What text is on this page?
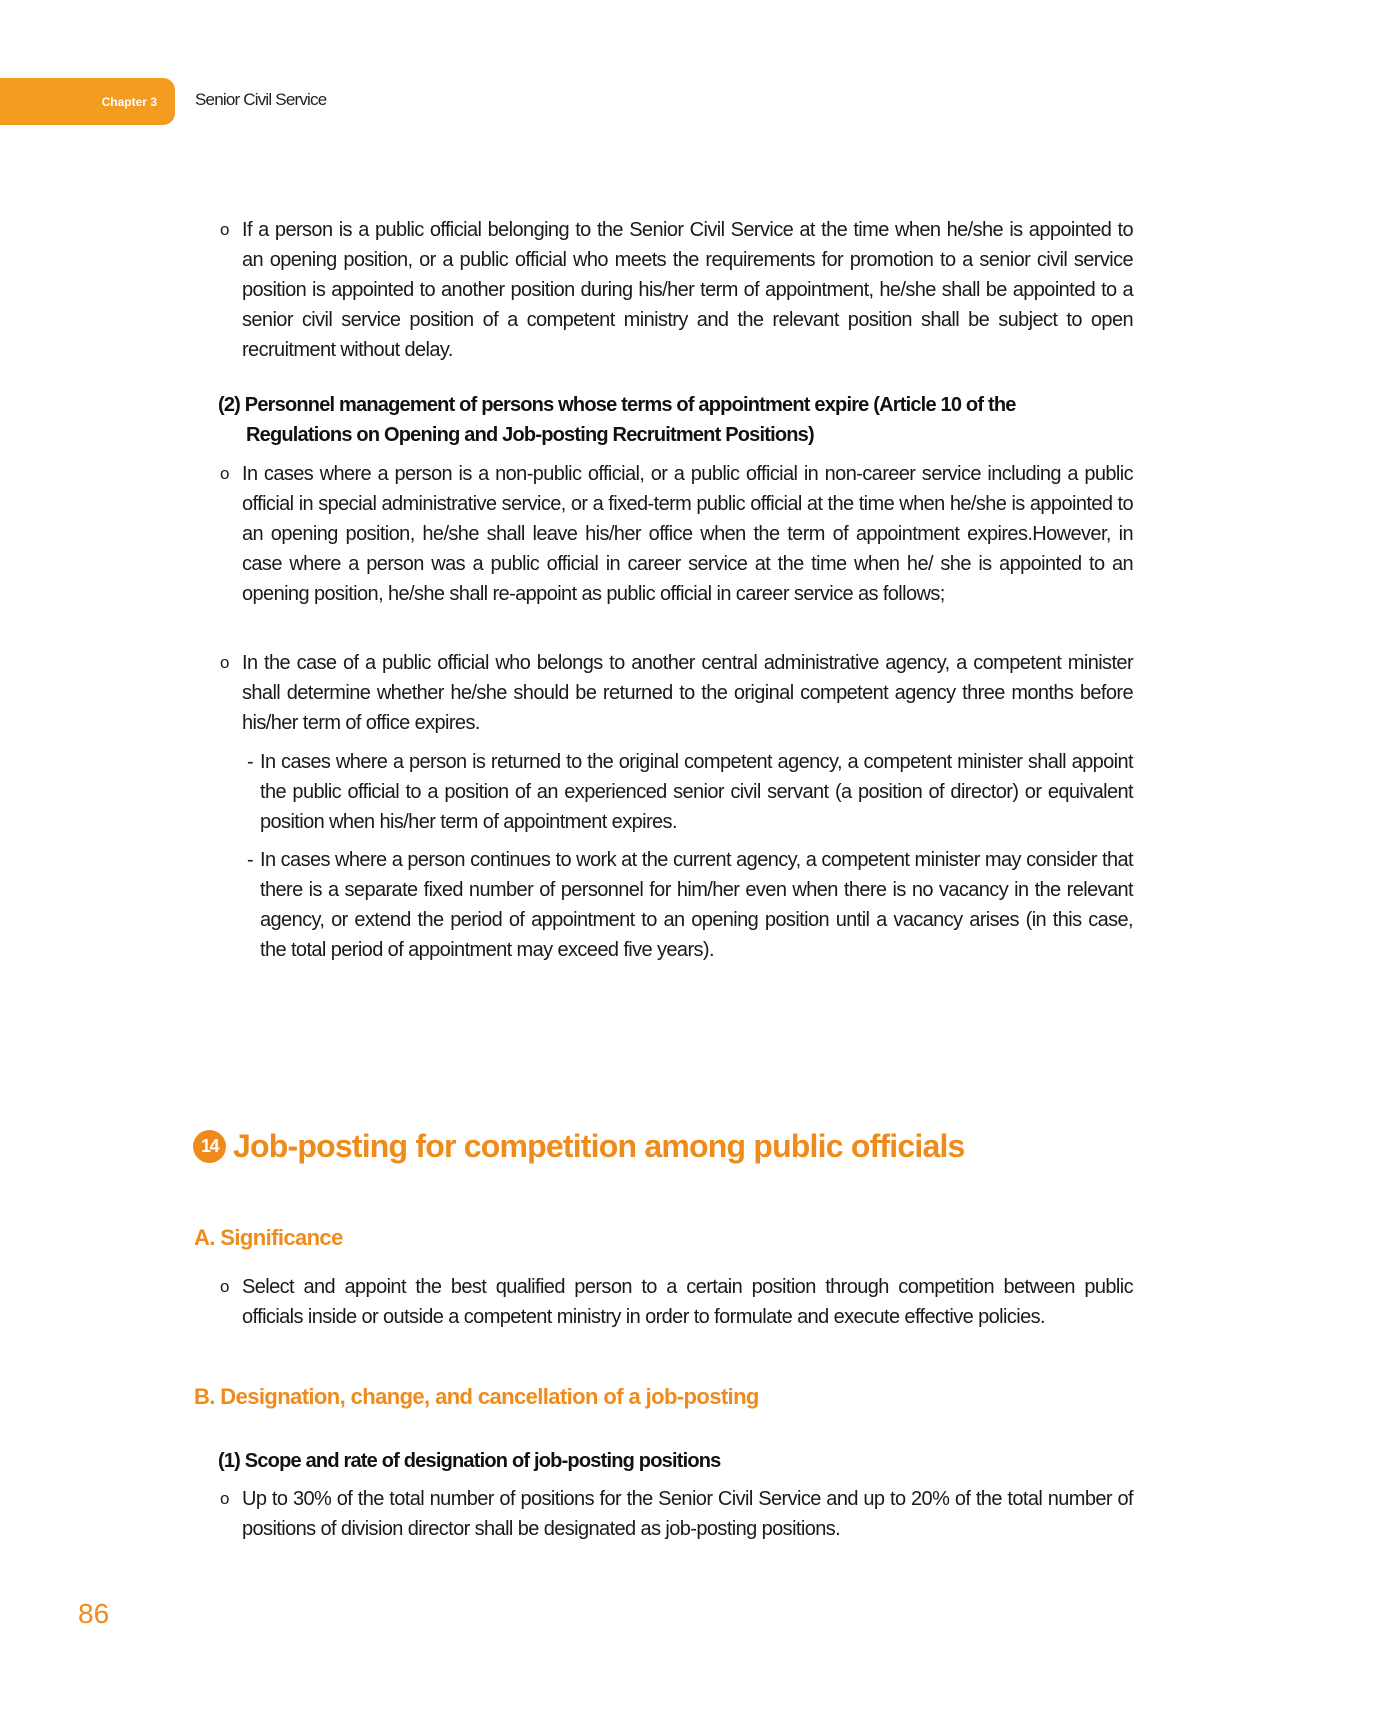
Chapter 3 Senior Civil Service
o If a person is a public official belonging to the Senior Civil Service at the time when he/she is appointed to an opening position, or a public official who meets the requirements for promotion to a senior civil service position is appointed to another position during his/her term of appointment, he/she shall be appointed to a senior civil service position of a competent ministry and the relevant position shall be subject to open recruitment without delay.
(2) Personnel management of persons whose terms of appointment expire (Article 10 of the
Regulations on Opening and Job-posting Recruitment Positions)
o In cases where a person is a non-public official, or a public official in non-career service including a public official in special administrative service, or a fixed-term public official at the time when he/she is appointed to an opening position, he/she shall leave his/her office when the term of appointment expires.However, in case where a person was a public official in career service at the time when he/ she is appointed to an opening position, he/she shall re-appoint as public official in career service as follows;
o In the case of a public official who belongs to another central administrative agency, a competent minister shall determine whether he/she should be returned to the original competent agency three months before his/her term of office expires.
- In cases where a person is returned to the original competent agency, a competent minister shall appoint the public official to a position of an experienced senior civil servant (a position of director) or equivalent position when his/her term of appointment expires.
- In cases where a person continues to work at the current agency, a competent minister may consider that there is a separate fixed number of personnel for him/her even when there is no vacancy in the relevant agency, or extend the period of appointment to an opening position until a vacancy arises (in this case, the total period of appointment may exceed five years).
14 Job-posting for competition among public officials
A. Significance
o Select and appoint the best qualified person to a certain position through competition between public officials inside or outside a competent ministry in order to formulate and execute effective policies.
B. Designation, change, and cancellation of a job-posting
(1) Scope and rate of designation of job-posting positions
o Up to 30% of the total number of positions for the Senior Civil Service and up to 20% of the total number of positions of division director shall be designated as job-posting positions.
86
